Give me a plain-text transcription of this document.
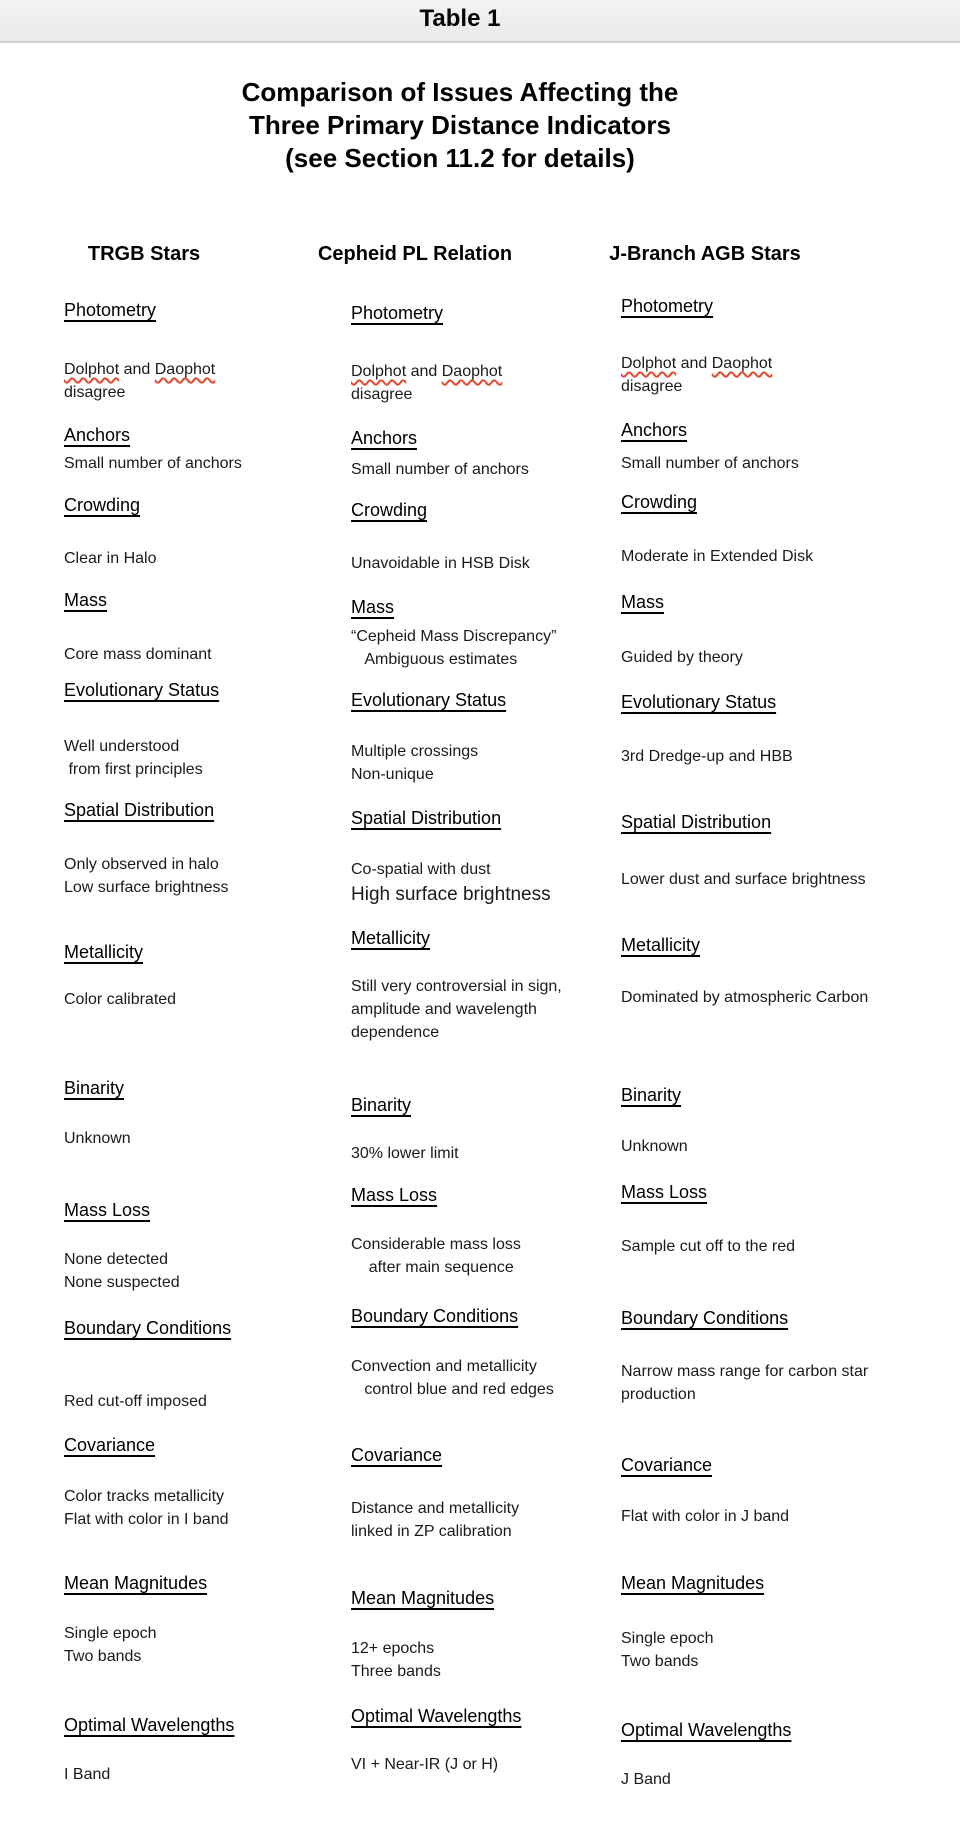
Table 1
Comparison of Issues Affecting the
Three Primary Distance Indicators
(see Section 11.2 for details)
TRGB Stars
Photometry
Dolphot and Daophot
disagree
Anchors
Small number of anchors
Crowding
Clear in Halo
Mass
Core mass dominant
Evolutionary Status
Well understood
from first principles
Spatial Distribution
Only observed in halo
Low surface brightness
Metallicity
Color calibrated
Binarity
Unknown
Mass Loss
None detected
None suspected
Boundary Conditions
Red cut-off imposed
Covariance
Color tracks metallicity
Flat with color in I band
Mean Magnitudes
Single epoch
Two bands
Optimal Wavelengths
I Band
Cepheid PL Relation
Photometry
Dolphot and Daophot
disagree
Anchors
Small number of anchors
Crowding
Unavoidable in HSB Disk
Mass
“Cepheid Mass Discrepancy”
Ambiguous estimates
Evolutionary Status
Multiple crossings
Non-unique
Spatial Distribution
Co-spatial with dust
High surface brightness
Metallicity
Still very controversial in sign,
amplitude and wavelength
dependence
Binarity
30% lower limit
Mass Loss
Considerable mass loss
after main sequence
Boundary Conditions
Convection and metallicity
control blue and red edges
Covariance
Distance and metallicity
linked in ZP calibration
Mean Magnitudes
12+ epochs
Three bands
Optimal Wavelengths
VI + Near-IR (J or H)
J-Branch AGB Stars
Photometry
Dolphot and Daophot
disagree
Anchors
Small number of anchors
Crowding
Moderate in Extended Disk
Mass
Guided by theory
Evolutionary Status
3rd Dredge-up and HBB
Spatial Distribution
Lower dust and surface brightness
Metallicity
Dominated by atmospheric Carbon
Binarity
Unknown
Mass Loss
Sample cut off to the red
Boundary Conditions
Narrow mass range for carbon star
production
Covariance
Flat with color in J band
Mean Magnitudes
Single epoch
Two bands
Optimal Wavelengths
J Band
